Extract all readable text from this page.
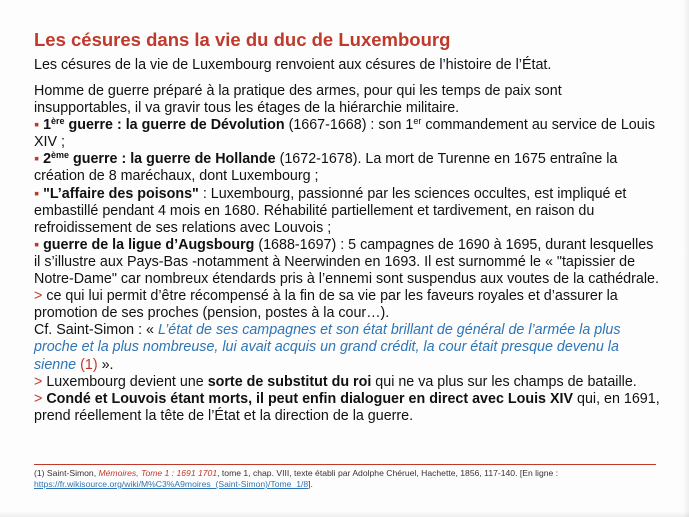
Les césures dans la vie du duc de Luxembourg
Les césures de la vie de Luxembourg renvoient aux césures de l’histoire de l’État.

Homme de guerre préparé à la pratique des armes, pour qui les temps de paix sont insupportables, il va gravir tous les étages de la hiérarchie militaire.

▪ 1ère guerre : la guerre de Dévolution (1667-1668) : son 1er commandement au service de Louis XIV ;

▪ 2ème guerre : la guerre de Hollande (1672-1678). La mort de Turenne en 1675 entraîne la création de 8 maréchaux, dont Luxembourg ;

▪ "L’affaire des poisons" : Luxembourg, passionné par les sciences occultes, est impliqué et embastillé pendant 4 mois en 1680. Réhabilité partiellement et tardivement, en raison du refroidissement de ses relations avec Louvois ;

▪ guerre de la ligue d’Augsbourg (1688-1697) : 5 campagnes de 1690 à 1695, durant lesquelles il s’illustre aux Pays-Bas -notamment à Neerwinden en 1693. Il est surnommé le « "tapissier de Notre-Dame" car nombreux étendards pris à l’ennemi sont suspendus aux voutes de la cathédrale.

> ce qui lui permit d’être récompensé à la fin de sa vie par les faveurs royales et d’assurer la promotion de ses proches (pension, postes à la cour…).

Cf. Saint-Simon : « L’état de ses campagnes et son état brillant de général de l’armée la plus proche et la plus nombreuse, lui avait acquis un grand crédit, la cour était presque devenu la sienne (1) ».

> Luxembourg devient une sorte de substitut du roi qui ne va plus sur les champs de bataille.

> Condé et Louvois étant morts, il peut enfin dialoguer en direct avec Louis XIV qui, en 1691, prend réellement la tête de l’État et la direction de la guerre.

(1) Saint-Simon, Mémoires, Tome 1 : 1691 1701, tome 1, chap. VIII, texte établi par Adolphe Chéruel, Hachette, 1856, 117-140. [En ligne : https://fr.wikisource.org/wiki/M%C3%A9moires_(Saint-Simon)/Tome_1/8].
